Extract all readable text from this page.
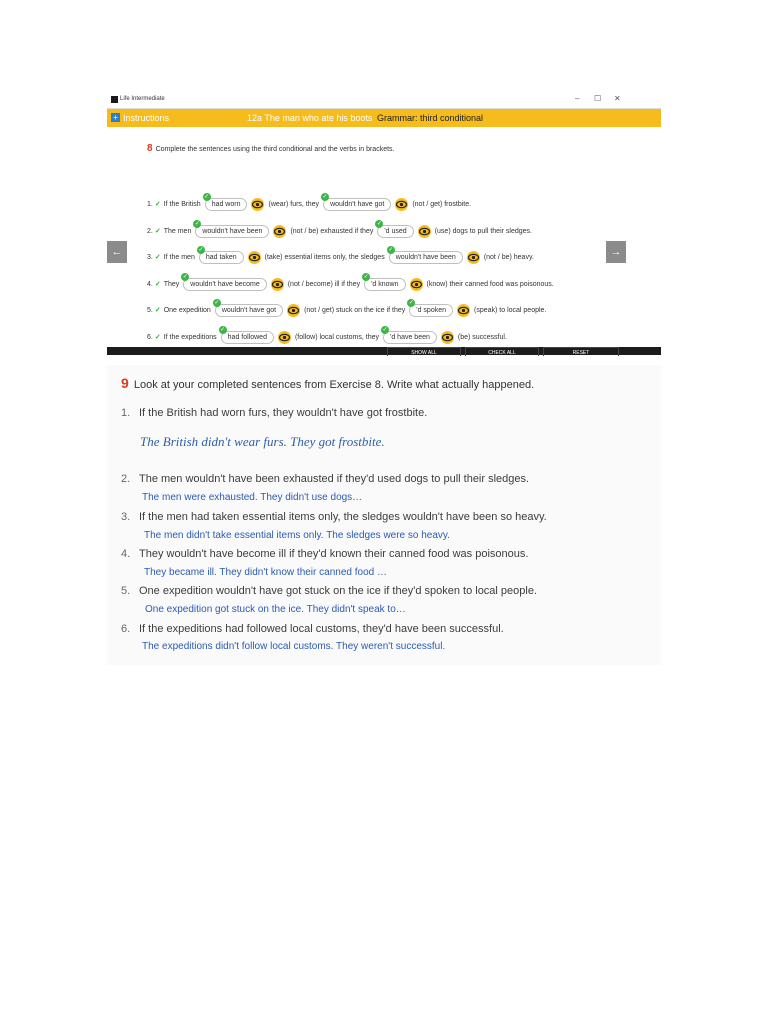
Life Intermediate	– ☐ ✕
+ Instructions	12a The man who ate his boots Grammar: third conditional
←	→
8 Complete the sentences using the third conditional and the verbs in brackets.
1. ✓ If the British
✓
had worn	(wear) furs, they
✓
wouldn't have got	(not / get) frostbite.
2. ✓ The men
✓
wouldn't have been	(not / be) exhausted if they
✓
'd used	(use) dogs to pull their sledges.
3. ✓ If the men
✓
had taken	(take) essential items only, the sledges
✓
wouldn't have been	(not / be) heavy.
4. ✓ They
✓
wouldn't have become	(not / become) ill if they
✓
'd known	(know) their canned food was poisonous.
5. ✓ One expedition
✓
wouldn't have got	(not / get) stuck on the ice if they
✓
'd spoken	(speak) to local people.
6. ✓ If the expeditions
✓
had followed	(follow) local customs, they
✓
'd have been	(be) successful.
SHOW ALL	CHECK ALL	RESET
9 Look at your completed sentences from Exercise 8. Write what actually happened.
1. If the British had worn furs, they wouldn't have got frostbite.
The British didn't wear furs. They got frostbite.
2. The men wouldn't have been exhausted if they'd used dogs to pull their sledges.
The men were exhausted. They didn't use dogs…
3. If the men had taken essential items only, the sledges wouldn't have been so heavy.
The men didn't take essential items only. The sledges were so heavy.
4. They wouldn't have become ill if they'd known their canned food was poisonous.
They became ill. They didn't know their canned food …
5. One expedition wouldn't have got stuck on the ice if they'd spoken to local people.
One expedition got stuck on the ice. They didn't speak to…
6. If the expeditions had followed local customs, they'd have been successful.
The expeditions didn't follow local customs. They weren't successful.
